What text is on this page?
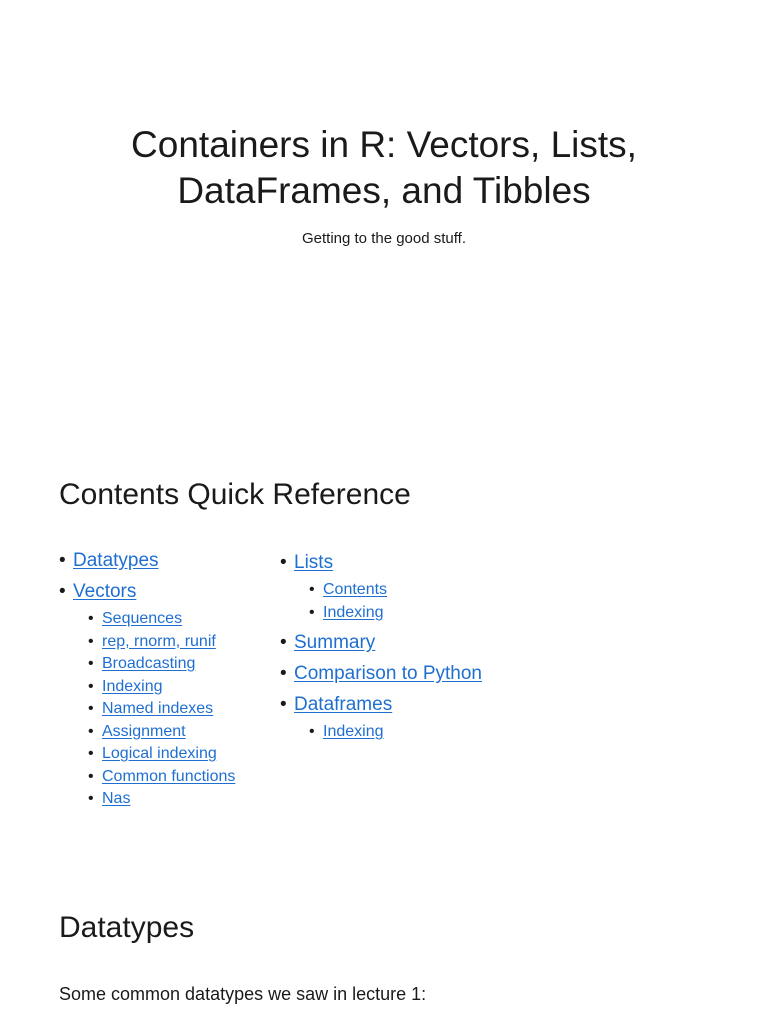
Containers in R: Vectors, Lists,
DataFrames, and Tibbles
Getting to the good stuff.
Contents Quick Reference
• Datatypes
• Vectors
• Sequences
• rep, rnorm, runif
• Broadcasting
• Indexing
• Named indexes
• Assignment
• Logical indexing
• Common functions
• Nas
• Lists
• Contents
• Indexing
• Summary
• Comparison to Python
• Dataframes
• Indexing
Datatypes
Some common datatypes we saw in lecture 1:
